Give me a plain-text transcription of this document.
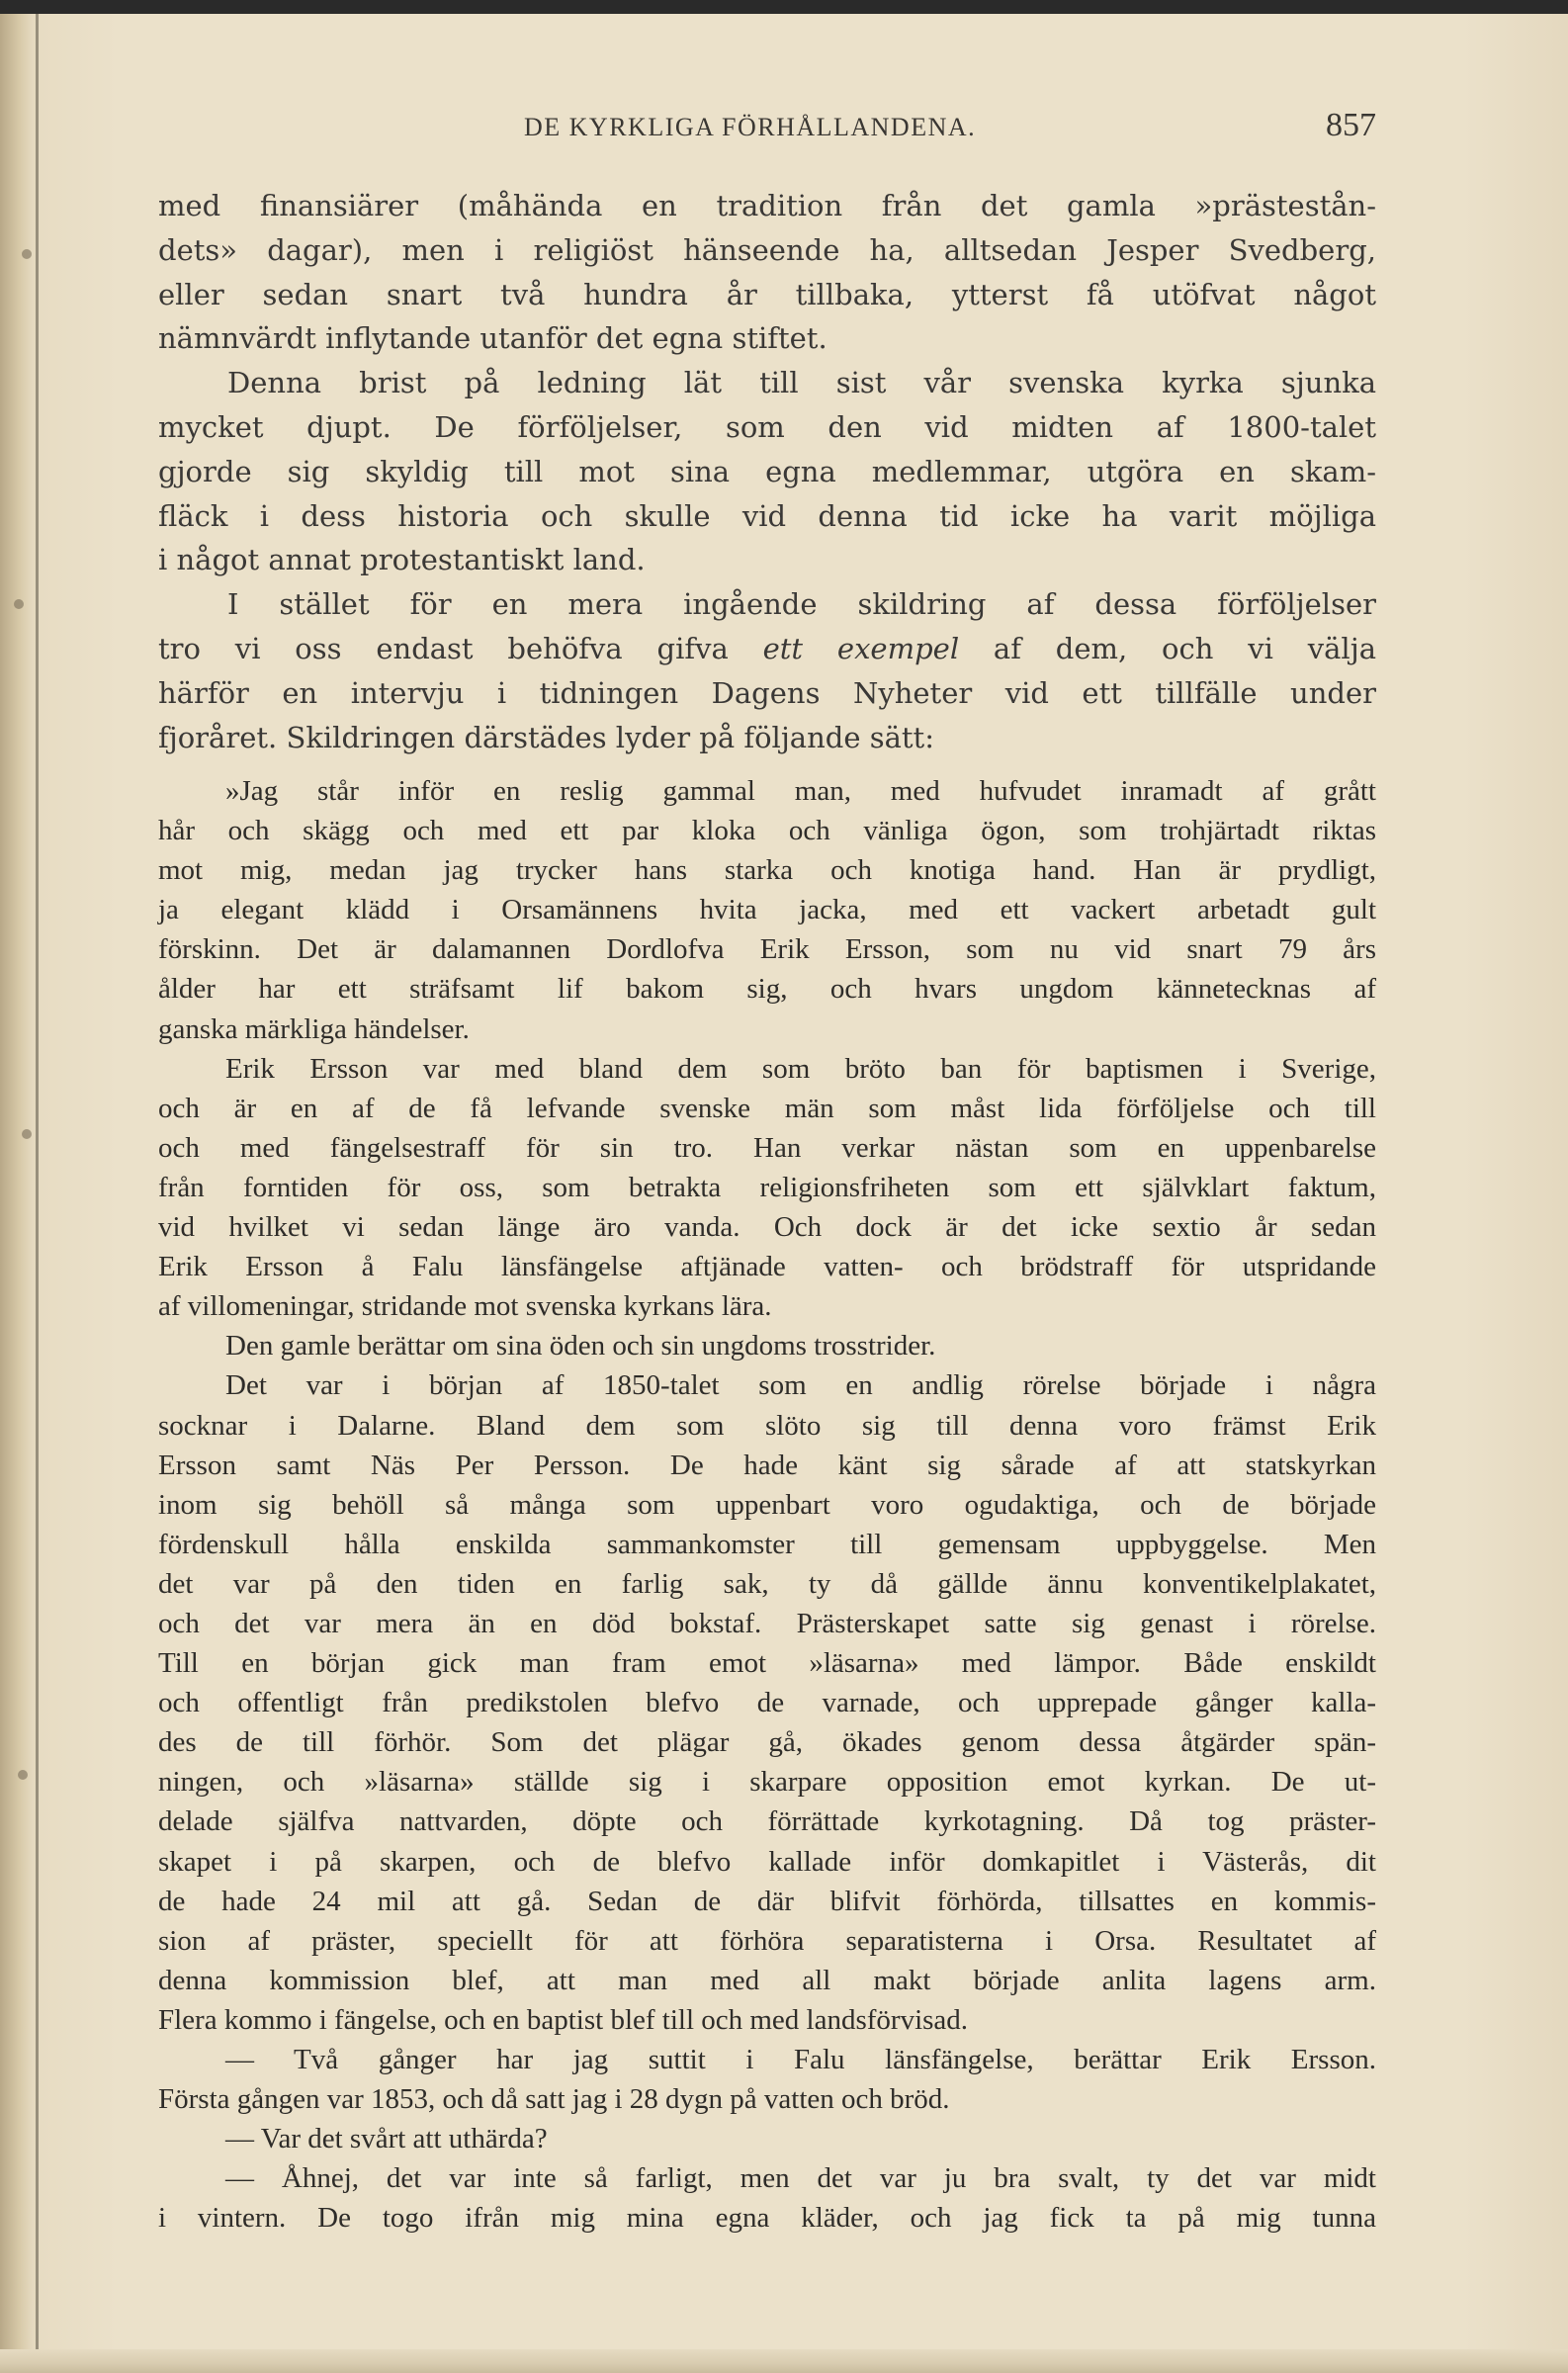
DE KYRKLIGA FÖRHÅLLANDENA.	857
med finansiärer (måhända en tradition från det gamla »prästestån-
dets» dagar), men i religiöst hänseende ha, alltsedan Jesper Svedberg,
eller sedan snart två hundra år tillbaka, ytterst få utöfvat något
nämnvärdt inflytande utanför det egna stiftet.
Denna brist på ledning lät till sist vår svenska kyrka sjunka
mycket djupt. De förföljelser, som den vid midten af 1800-talet
gjorde sig skyldig till mot sina egna medlemmar, utgöra en skam-
fläck i dess historia och skulle vid denna tid icke ha varit möjliga
i något annat protestantiskt land.
I stället för en mera ingående skildring af dessa förföljelser
tro vi oss endast behöfva gifva ett exempel af dem, och vi välja
härför en intervju i tidningen Dagens Nyheter vid ett tillfälle under
fjoråret. Skildringen därstädes lyder på följande sätt:
»Jag står inför en reslig gammal man, med hufvudet inramadt af grått
hår och skägg och med ett par kloka och vänliga ögon, som trohjärtadt riktas
mot mig, medan jag trycker hans starka och knotiga hand. Han är prydligt,
ja elegant klädd i Orsamännens hvita jacka, med ett vackert arbetadt gult
förskinn. Det är dalamannen Dordlofva Erik Ersson, som nu vid snart 79 års
ålder har ett sträfsamt lif bakom sig, och hvars ungdom kännetecknas af
ganska märkliga händelser.
Erik Ersson var med bland dem som bröto ban för baptismen i Sverige,
och är en af de få lefvande svenske män som måst lida förföljelse och till
och med fängelsestraff för sin tro. Han verkar nästan som en uppenbarelse
från forntiden för oss, som betrakta religionsfriheten som ett självklart faktum,
vid hvilket vi sedan länge äro vanda. Och dock är det icke sextio år sedan
Erik Ersson å Falu länsfängelse aftjänade vatten- och brödstraff för utspridande
af villomeningar, stridande mot svenska kyrkans lära.
Den gamle berättar om sina öden och sin ungdoms trosstrider.
Det var i början af 1850-talet som en andlig rörelse började i några
socknar i Dalarne. Bland dem som slöto sig till denna voro främst Erik
Ersson samt Näs Per Persson. De hade känt sig sårade af att statskyrkan
inom sig behöll så många som uppenbart voro ogudaktiga, och de började
fördenskull hålla enskilda sammankomster till gemensam uppbyggelse. Men
det var på den tiden en farlig sak, ty då gällde ännu konventikelplakatet,
och det var mera än en död bokstaf. Prästerskapet satte sig genast i rörelse.
Till en början gick man fram emot »läsarna» med lämpor. Både enskildt
och offentligt från predikstolen blefvo de varnade, och upprepade gånger kalla-
des de till förhör. Som det plägar gå, ökades genom dessa åtgärder spän-
ningen, och »läsarna» ställde sig i skarpare opposition emot kyrkan. De ut-
delade själfva nattvarden, döpte och förrättade kyrkotagning. Då tog präster-
skapet i på skarpen, och de blefvo kallade inför domkapitlet i Västerås, dit
de hade 24 mil att gå. Sedan de där blifvit förhörda, tillsattes en kommis-
sion af präster, speciellt för att förhöra separatisterna i Orsa. Resultatet af
denna kommission blef, att man med all makt började anlita lagens arm.
Flera kommo i fängelse, och en baptist blef till och med landsförvisad.
— Två gånger har jag suttit i Falu länsfängelse, berättar Erik Ersson.
Första gången var 1853, och då satt jag i 28 dygn på vatten och bröd.
— Var det svårt att uthärda?
— Åhnej, det var inte så farligt, men det var ju bra svalt, ty det var midt
i vintern. De togo ifrån mig mina egna kläder, och jag fick ta på mig tunna
